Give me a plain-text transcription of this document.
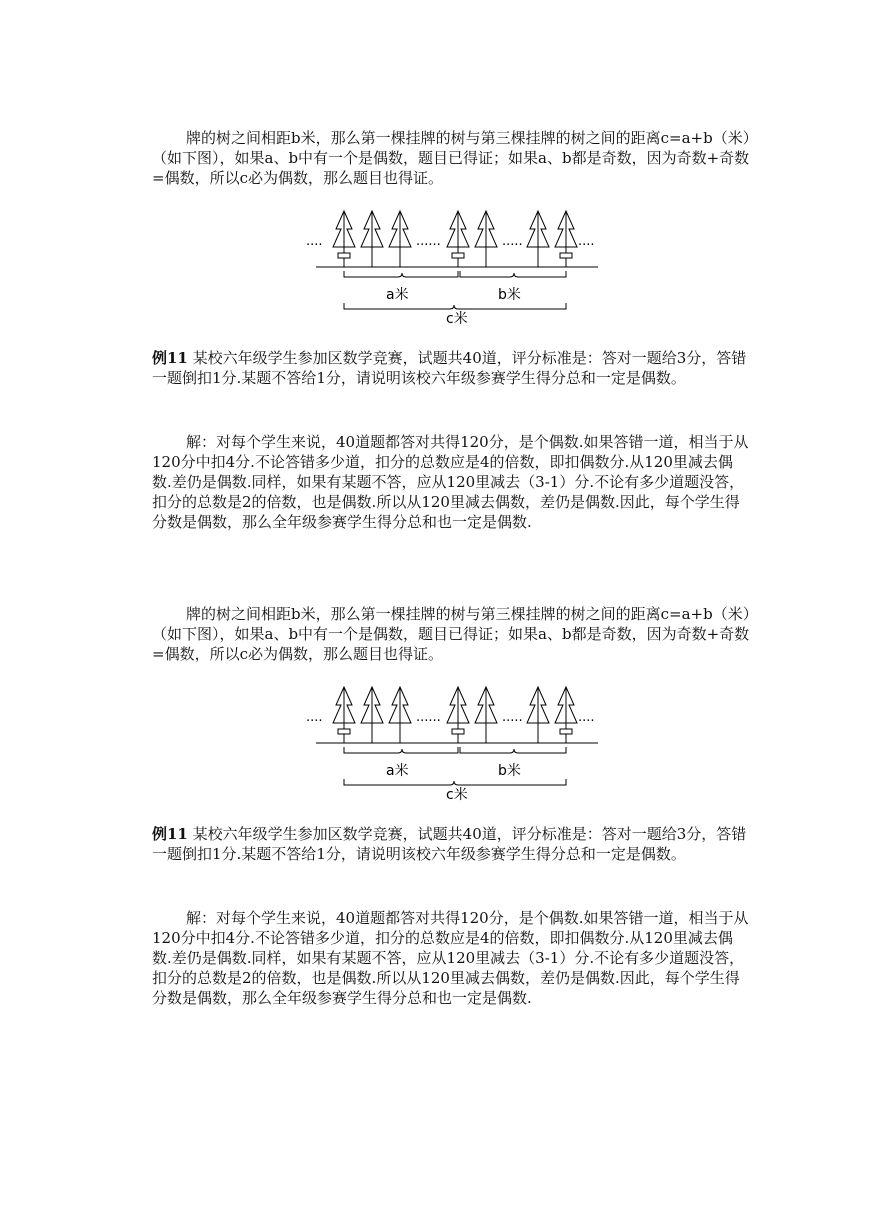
牌的树之间相距b米，那么第一棵挂牌的树与第三棵挂牌的树之间的距离c=a+b（米）（如下图），如果a、b中有一个是偶数，题目已得证；如果a、b都是奇数，因为奇数+奇数=偶数，所以c必为偶数，那么题目也得证。

....	......	.....	....
a米	b米
c米

例11 某校六年级学生参加区数学竞赛，试题共40道，评分标准是：答对一题给3分，答错一题倒扣1分.某题不答给1分，请说明该校六年级参赛学生得分总和一定是偶数。

解：对每个学生来说，40道题都答对共得120分，是个偶数.如果答错一道，相当于从120分中扣4分.不论答错多少道，扣分的总数应是4的倍数，即扣偶数分.从120里减去偶数.差仍是偶数.同样，如果有某题不答，应从120里减去（3-1）分.不论有多少道题没答，扣分的总数是2的倍数，也是偶数.所以从120里减去偶数，差仍是偶数.因此，每个学生得分数是偶数，那么全年级参赛学生得分总和也一定是偶数.

牌的树之间相距b米，那么第一棵挂牌的树与第三棵挂牌的树之间的距离c=a+b（米）（如下图），如果a、b中有一个是偶数，题目已得证；如果a、b都是奇数，因为奇数+奇数=偶数，所以c必为偶数，那么题目也得证。

....	......	.....	....
a米	b米
c米

例11 某校六年级学生参加区数学竞赛，试题共40道，评分标准是：答对一题给3分，答错一题倒扣1分.某题不答给1分，请说明该校六年级参赛学生得分总和一定是偶数。

解：对每个学生来说，40道题都答对共得120分，是个偶数.如果答错一道，相当于从120分中扣4分.不论答错多少道，扣分的总数应是4的倍数，即扣偶数分.从120里减去偶数.差仍是偶数.同样，如果有某题不答，应从120里减去（3-1）分.不论有多少道题没答，扣分的总数是2的倍数，也是偶数.所以从120里减去偶数，差仍是偶数.因此，每个学生得分数是偶数，那么全年级参赛学生得分总和也一定是偶数.
